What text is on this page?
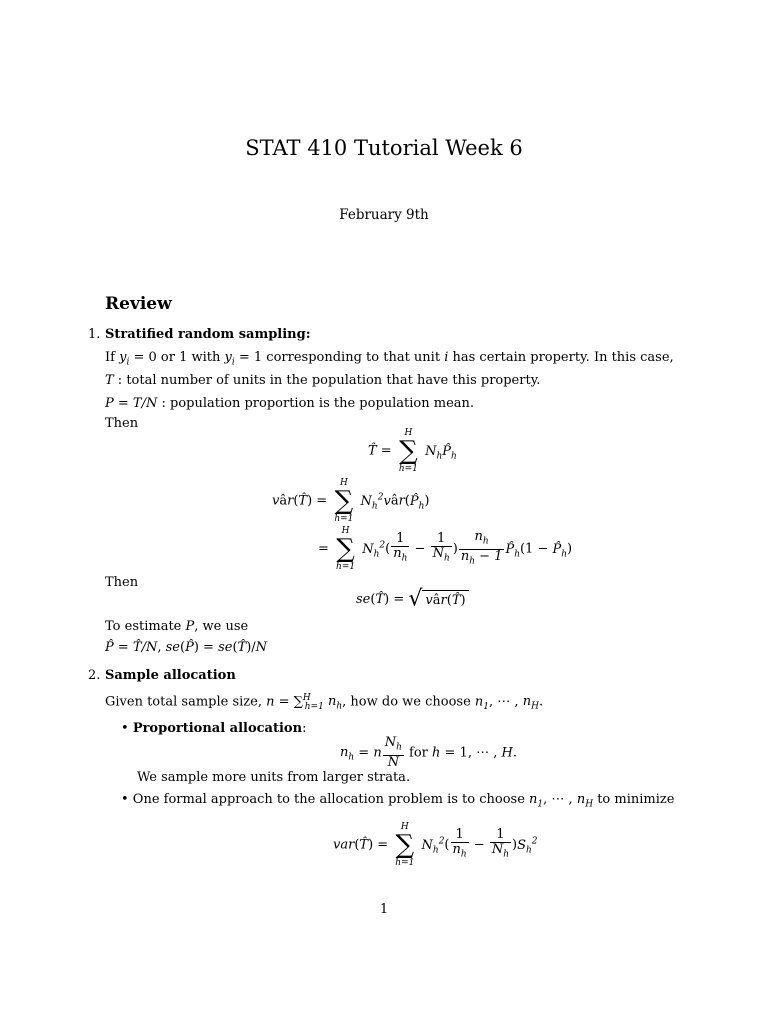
STAT 410 Tutorial Week 6
February 9th
Review
1. Stratified random sampling:
If $y_i = 0$ or 1 with $y_i = 1$ corresponding to that unit i has certain property. In this case,
T : total number of units in the population that have this property.
P = T/N : population proportion is the population mean.
Then
T̂ =
H
∑
h=1
$N_hP̂_h$
vâr(T̂) =
H
∑
h=1
$N_h^2vâr(P̂_h)$
=
H
∑
h=1
$N_h^2( \frac{1}{n_h} - \frac{1}{N_h}$ ) $\frac{n_h}{n_h - 1}$ $P̂_h(1$ − $P̂_h$)
Then
se(T̂) = √ vâr(T̂)
To estimate P, we use
P̂ = T̂/N, se(P̂) = se(T̂)/N
2. Sample allocation
Given total sample size, n = ∑$^H_{h=1}$ $n_h$, how do we choose $n_1$, ⋯ , $n_H$.
• Proportional allocation:
$n_h = n \frac{N_h}{N}$ for h = 1, ⋯ , H.
We sample more units from larger strata.
• One formal approach to the allocation problem is to choose $n_1$, ⋯ , $n_H$ to minimize
var(T̂) =
H
∑
h=1
$N_h^2( \frac{1}{n_h} - \frac{1}{N_h} )S_h^2$
1
